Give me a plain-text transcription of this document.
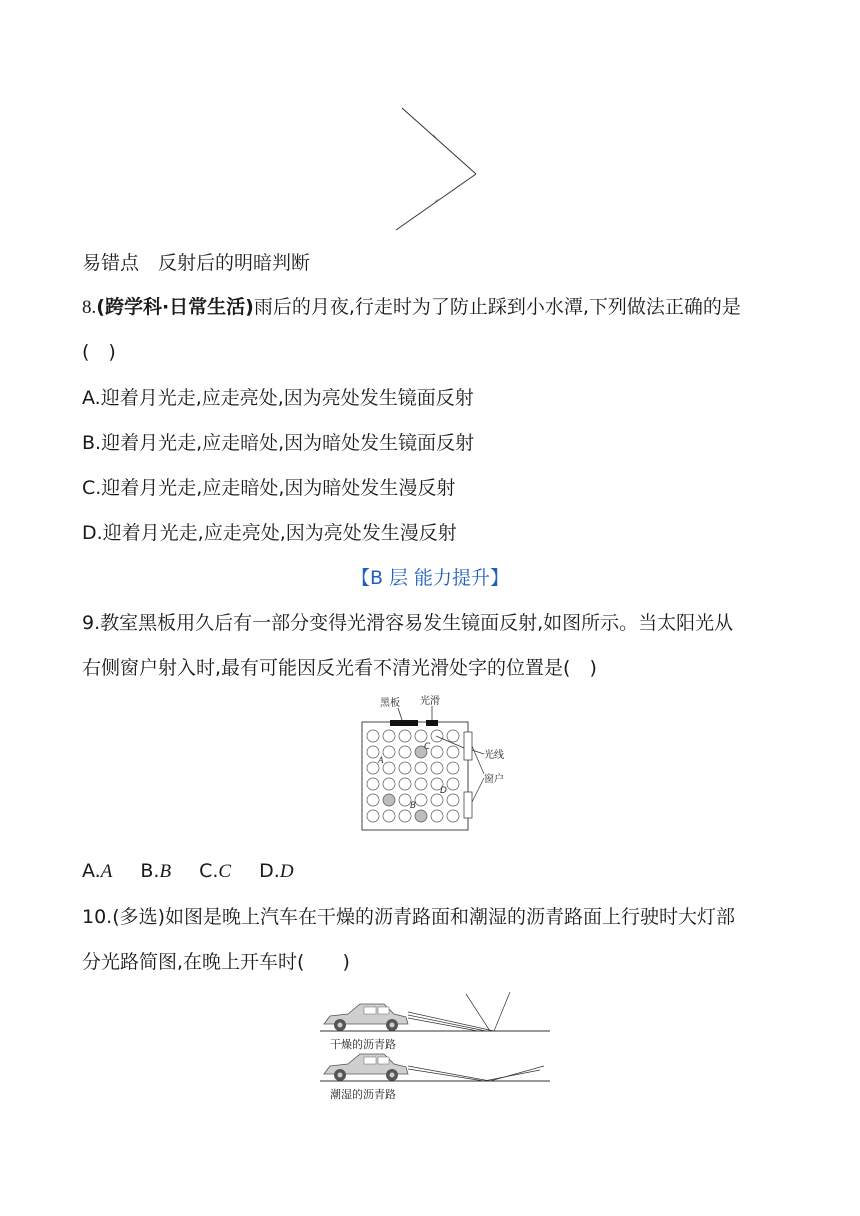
易错点　反射后的明暗判断
8.(跨学科·日常生活)雨后的月夜,行走时为了防止踩到小水潭,下列做法正确的是
(　)
A.迎着月光走,应走亮处,因为亮处发生镜面反射
B.迎着月光走,应走暗处,因为暗处发生镜面反射
C.迎着月光走,应走暗处,因为暗处发生漫反射
D.迎着月光走,应走亮处,因为亮处发生漫反射
【B 层 能力提升】
9.教室黑板用久后有一部分变得光滑容易发生镜面反射,如图所示。当太阳光从
右侧窗户射入时,最有可能因反光看不清光滑处字的位置是(　)
黑板 光滑
A
B
C
D
光线
窗户
A.A B.B C.C D.D
10.(多选)如图是晚上汽车在干燥的沥青路面和潮湿的沥青路面上行驶时大灯部
分光路简图,在晚上开车时(　　)
干燥的沥青路
潮湿的沥青路
